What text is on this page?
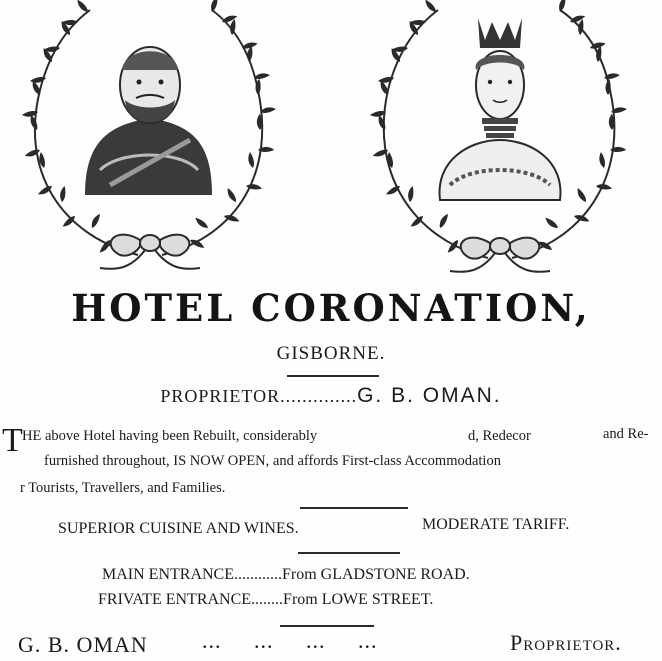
HOTEL CORONATION,
GISBORNE.
PROPRIETOR..............G. B. OMAN.
T HE above Hotel having been Rebuilt, considerably	d, Redecor	and Re-
furnished throughout, IS NOW OPEN, and affords First-class Accommodation
r Tourists, Travellers, and Families.
SUPERIOR CUISINE AND WINES.	MODERATE TARIFF.
MAIN ENTRANCE............From GLADSTONE ROAD.
FRIVATE ENTRANCE........From LOWE STREET.
G. B. OMAN ...     ...     ...     ...	Proprietor.
